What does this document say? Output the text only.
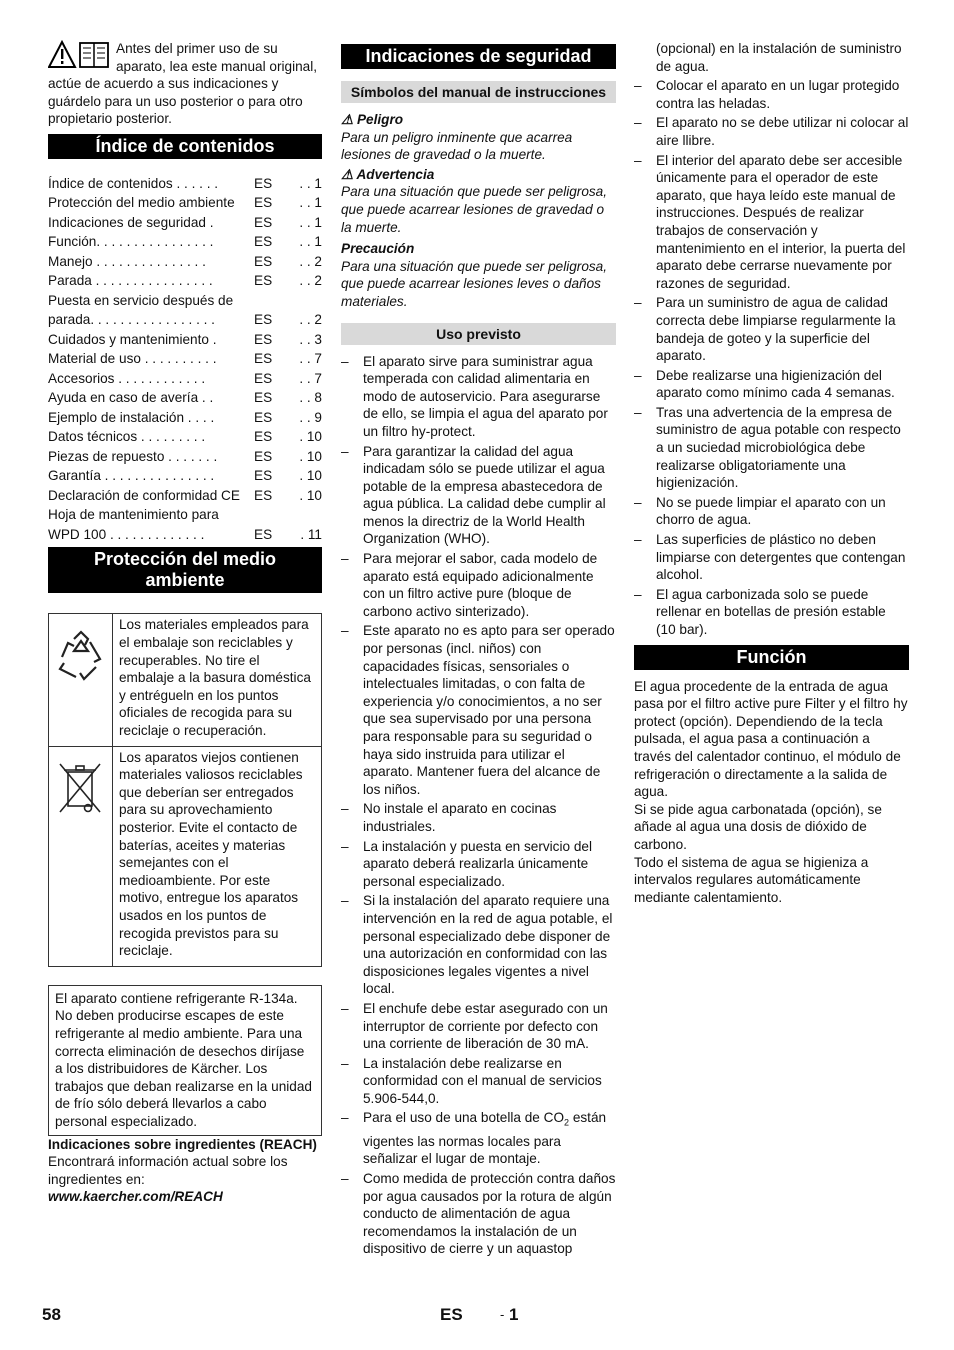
Antes del primer uso de su aparato, lea este manual original, actúe de acuerdo a sus indicaciones y guárdelo para un uso posterior o para otro propietario posterior.

Índice de contenidos
Índice de contenidos . . . . . .	ES	. . 1
Protección del medio ambiente	ES	. . 1
Indicaciones de seguridad .	ES	. . 1
Función. . . . . . . . . . . . . . . .	ES	. . 1
Manejo . . . . . . . . . . . . . . .	ES	. . 2
Parada . . . . . . . . . . . . . . . .	ES	. . 2
Puesta en servicio después de		
parada. . . . . . . . . . . . . . . . .	ES	. . 2
Cuidados y mantenimiento .	ES	. . 3
Material de uso . . . . . . . . . .	ES	. . 7
Accesorios . . . . . . . . . . . .	ES	. . 7
Ayuda en caso de avería . .	ES	. . 8
Ejemplo de instalación . . . .	ES	. . 9
Datos técnicos . . . . . . . . .	ES	. 10
Piezas de repuesto . . . . . . .	ES	. 10
Garantía . . . . . . . . . . . . . . .	ES	. 10
Declaración de conformidad CE	ES	. 10
Hoja de mantenimiento para		
WPD 100 . . . . . . . . . . . . .	ES	. 11
Protección del medio ambiente

Los materiales empleados para el embalaje son reciclables y recuperables. No tire el embalaje a la basura doméstica y entrégueln en los puntos oficiales de recogida para su reciclaje o recuperación.

Los aparatos viejos contienen materiales valiosos reciclables que deberían ser entregados para su aprovechamiento posterior. Evite el contacto de baterías, aceites y materias semejantes con el medioambiente. Por este motivo, entregue los aparatos usados en los puntos de recogida previstos para su reciclaje.

El aparato contiene refrigerante R-134a. No deben producirse escapes de este refrigerante al medio ambiente. Para una correcta eliminación de desechos diríjase a los distribuidores de Kärcher. Los trabajos que deban realizarse en la unidad de frío sólo deberá llevarlos a cabo personal especializado.

Indicaciones sobre ingredientes (REACH)

Encontrará información actual sobre los ingredientes en:

www.kaercher.com/REACH

Indicaciones de seguridad
Símbolos del manual de instrucciones

⚠ Peligro

Para un peligro inminente que acarrea lesiones de gravedad o la muerte.

⚠ Advertencia

Para una situación que puede ser peligrosa, que puede acarrear lesiones de gravedad o la muerte.

Precaución

Para una situación que puede ser peligrosa, que puede acarrear lesiones leves o daños materiales.

Uso previsto
– El aparato sirve para suministrar agua temperada con calidad alimentaria en modo de autoservicio. Para asegurarse de ello, se limpia el agua del aparato por un filtro hy-protect.
– Para garantizar la calidad del agua indicadam sólo se puede utilizar el agua potable de la empresa abastecedora de agua pública. La calidad debe cumplir al menos la directriz de la World Health Organization (WHO).
– Para mejorar el sabor, cada modelo de aparato está equipado adicionalmente con un filtro active pure (bloque de carbono activo sinterizado).
– Este aparato no es apto para ser operado por personas (incl. niños) con capacidades físicas, sensoriales o intelectuales limitadas, o con falta de experiencia y/o conocimientos, a no ser que sea supervisado por una persona para responsable para su seguridad o haya sido instruida para utilizar el aparato. Mantener fuera del alcance de los niños.
– No instale el aparato en cocinas industriales.
– La instalación y puesta en servicio del aparato deberá realizarla únicamente personal especializado.
– Si la instalación del aparato requiere una intervención en la red de agua potable, el personal especializado debe disponer de una autorización en conformidad con las disposiciones legales vigentes a nivel local.
– El enchufe debe estar asegurado con un interruptor de corriente por defecto con una corriente de liberación de 30 mA.
– La instalación debe realizarse en conformidad con el manual de servicios 5.906-544,0.
– Para el uso de una botella de $CO_2$ están vigentes las normas locales para señalizar el lugar de montaje.
– Como medida de protección contra daños por agua causados por la rotura de algún conducto de alimentación de agua recomendamos la instalación de un dispositivo de cierre y un aquastop

(opcional) en la instalación de suministro de agua.

– Colocar el aparato en un lugar protegido contra las heladas.
– El aparato no se debe utilizar ni colocar al aire llibre.
– El interior del aparato debe ser accesible únicamente para el operador de este aparato, que haya leído este manual de instrucciones. Después de realizar trabajos de conservación y mantenimiento en el interior, la puerta del aparato debe cerrarse nuevamente por razones de seguridad.
– Para un suministro de agua de calidad correcta debe limpiarse regularmente la bandeja de goteo y la superficie del aparato.
– Debe realizarse una higienización del aparato como mínimo cada 4 semanas.
– Tras una advertencia de la empresa de suministro de agua potable con respecto a un suciedad microbiológica debe realizarse obligatoriamente una higienización.
– No se puede limpiar el aparato con un chorro de agua.
– Las superficies de plástico no deben limpiarse con detergentes que contengan alcohol.
– El agua carbonizada solo se puede rellenar en botellas de presión estable (10 bar).
Función

El agua procedente de la entrada de agua pasa por el filtro active pure Filter y el filtro hy protect (opción). Dependiendo de la tecla pulsada, el agua pasa a continuación a través del calentador continuo, el módulo de refrigeración o directamente a la salida de agua.

Si se pide agua carbonatada (opción), se añade al agua una dosis de dióxido de carbono.

Todo el sistema de agua se higieniza a intervalos regulares automáticamente mediante calentamiento.

58	ES	- 1
